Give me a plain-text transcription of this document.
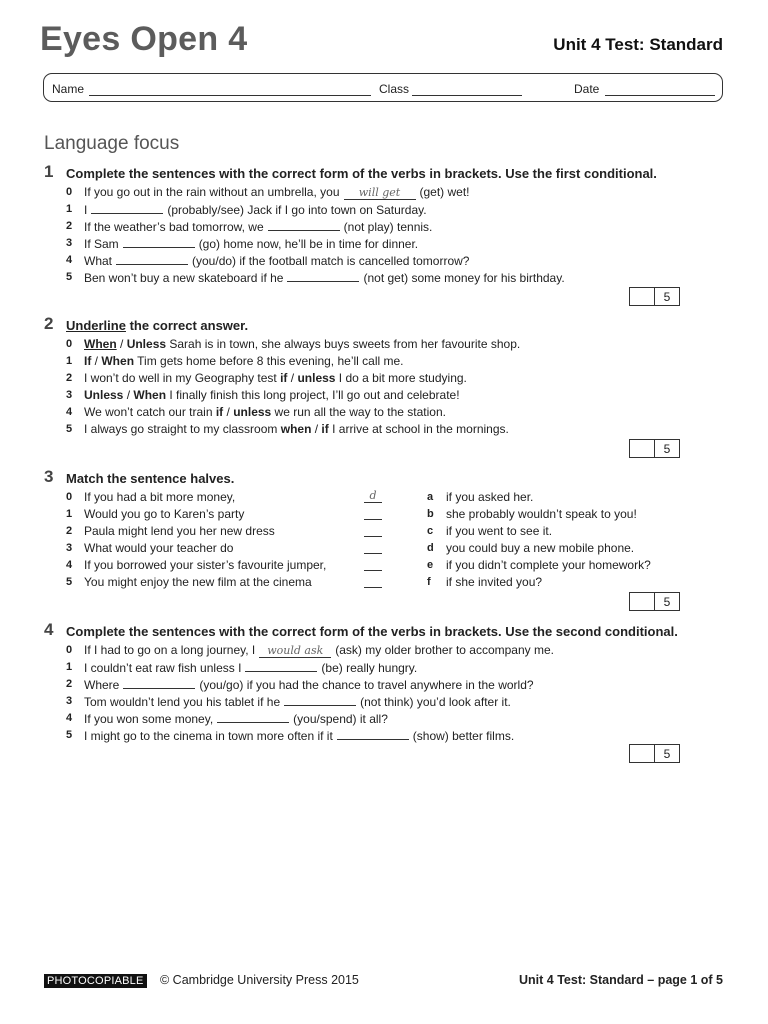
Eyes Open 4	Unit 4 Test: Standard
Name	Class	Date
Language focus
1 Complete the sentences with the correct form of the verbs in brackets. Use the first conditional.
0 If you go out in the rain without an umbrella, you will get (get) wet!
1 I	(probably/see) Jack if I go into town on Saturday.
2 If the weather’s bad tomorrow, we	(not play) tennis.
3 If Sam	(go) home now, he’ll be in time for dinner.
4 What	(you/do) if the football match is cancelled tomorrow?
5 Ben won’t buy a new skateboard if he	(not get) some money for his birthday.
5
2 Underline the correct answer.
0 When / Unless Sarah is in town, she always buys sweets from her favourite shop.
1 If / When Tim gets home before 8 this evening, he’ll call me.
2 I won’t do well in my Geography test if / unless I do a bit more studying.
3 Unless / When I finally finish this long project, I’ll go out and celebrate!
4 We won’t catch our train if / unless we run all the way to the station.
5 I always go straight to my classroom when / if I arrive at school in the mornings.
5
3 Match the sentence halves.
0 If you had a bit more money,	d	a if you asked her.
1 Would you go to Karen’s party	b she probably wouldn’t speak to you!
2 Paula might lend you her new dress	c if you went to see it.
3 What would your teacher do	d you could buy a new mobile phone.
4 If you borrowed your sister’s favourite jumper,	e if you didn’t complete your homework?
5 You might enjoy the new film at the cinema	f if she invited you?
5
4 Complete the sentences with the correct form of the verbs in brackets. Use the second conditional.
0 If I had to go on a long journey, I would ask (ask) my older brother to accompany me.
1 I couldn’t eat raw fish unless I	(be) really hungry.
2 Where	(you/go) if you had the chance to travel anywhere in the world?
3 Tom wouldn’t lend you his tablet if he	(not think) you’d look after it.
4 If you won some money,	(you/spend) it all?
5 I might go to the cinema in town more often if it	(show) better films.
5
PHOTOCOPIABLE © Cambridge University Press 2015	Unit 4 Test: Standard – page 1 of 5
